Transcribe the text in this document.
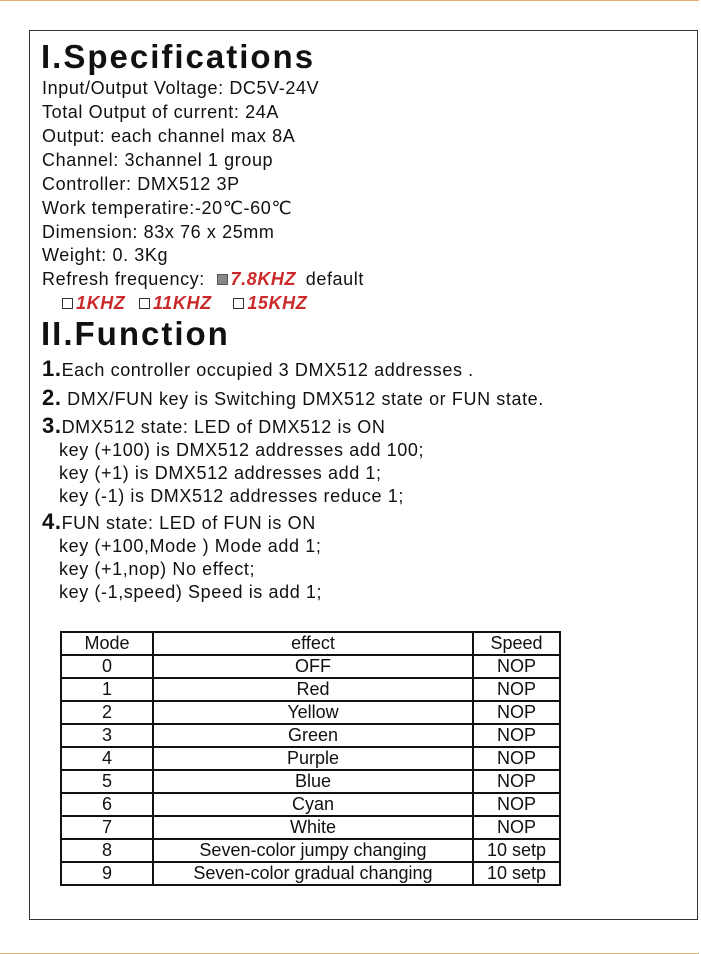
I.Specifications
Input/Output Voltage: DC5V-24V
Total Output of current: 24A
Output: each channel max 8A
Channel: 3channel 1 group
Controller: DMX512 3P
Work temperatire:-20℃-60℃
Dimension: 83x 76 x 25mm
Weight: 0. 3Kg
Refresh frequency: 7.8KHZ default
1KHZ 11KHZ 15KHZ
II.Function
1.Each controller occupied 3 DMX512 addresses .
2. DMX/FUN key is Switching DMX512 state or FUN state.
3.DMX512 state: LED of DMX512 is ON
key (+100) is DMX512 addresses add 100;
key (+1) is DMX512 addresses add 1;
key (-1) is DMX512 addresses reduce 1;
4.FUN state: LED of FUN is ON
key (+100,Mode ) Mode add 1;
key (+1,nop) No effect;
key (-1,speed) Speed is add 1;
Mode	effect	Speed
0	OFF	NOP
1	Red	NOP
2	Yellow	NOP
3	Green	NOP
4	Purple	NOP
5	Blue	NOP
6	Cyan	NOP
7	White	NOP
8	Seven-color jumpy changing	10 setp
9	Seven-color gradual changing	10 setp
